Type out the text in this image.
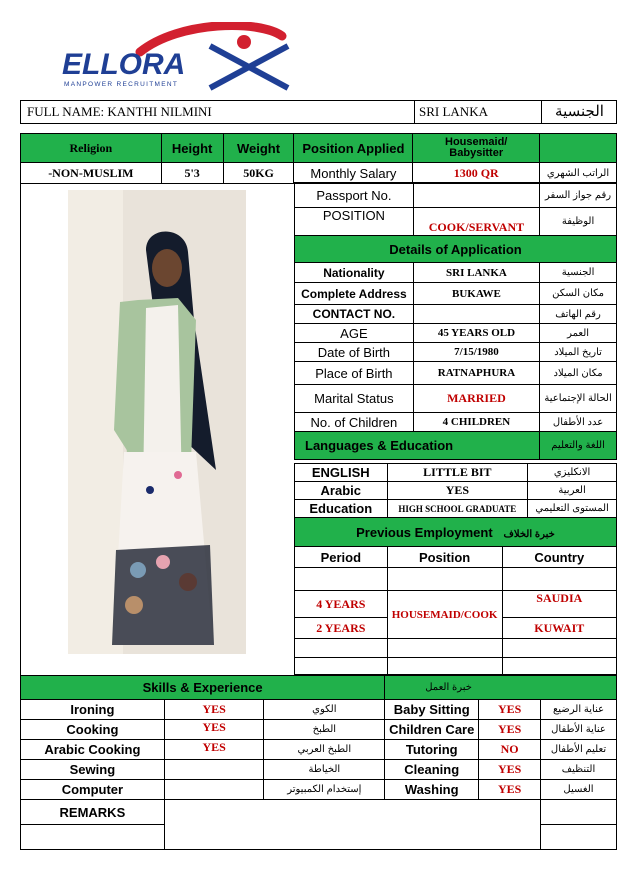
ELLORA
MANPOWER RECRUITMENT
FULL NAME: KANTHI NILMINI	SRI LANKA	الجنسية
Religion	Height	Weight	Position Applied	Housemaid/
Babysitter	
-NON-MUSLIM	5'3	50KG	Monthly Salary	1300 QR	الراتب الشهري
Passport No.		رقم جواز السفر
POSITION	COOK/SERVANT	الوظيفة
Details of Application		
Nationality	SRI LANKA	الجنسية
Complete Address	BUKAWE	مكان السكن
CONTACT NO.		رقم الهاتف
AGE	45 YEARS OLD	العمر
Date of Birth	7/15/1980	تاريخ الميلاد
Place of Birth	RATNAPHURA	مكان الميلاد
Marital Status	MARRIED	الحالة الإجتماعية
No. of Children	4 CHILDREN	عدد الأطفال
Languages & Education		اللغة والتعليم
ENGLISH	LITTLE BIT	الانكليزي
Arabic	YES	العربية
Education	HIGH SCHOOL GRADUATE	المستوى التعليمي
Previous Employment خبرة الخلاف		
Period	Position	Country

4 YEARS	HOUSEMAID/COOK	SAUDIA
2 YEARS		KUWAIT

Skills & Experience			خبرة العمل		
Ironing	YES	الكوي	Baby Sitting	YES	عناية الرضيع
Cooking	YES	الطبخ	Children Care	YES	عناية الأطفال
Arabic Cooking	YES	الطبخ العربي	Tutoring	NO	تعليم الأطفال
Sewing		الخياطة	Cleaning	YES	التنظيف
Computer		إستخدام الكمبيوتر	Washing	YES	الغسيل
REMARKS					
